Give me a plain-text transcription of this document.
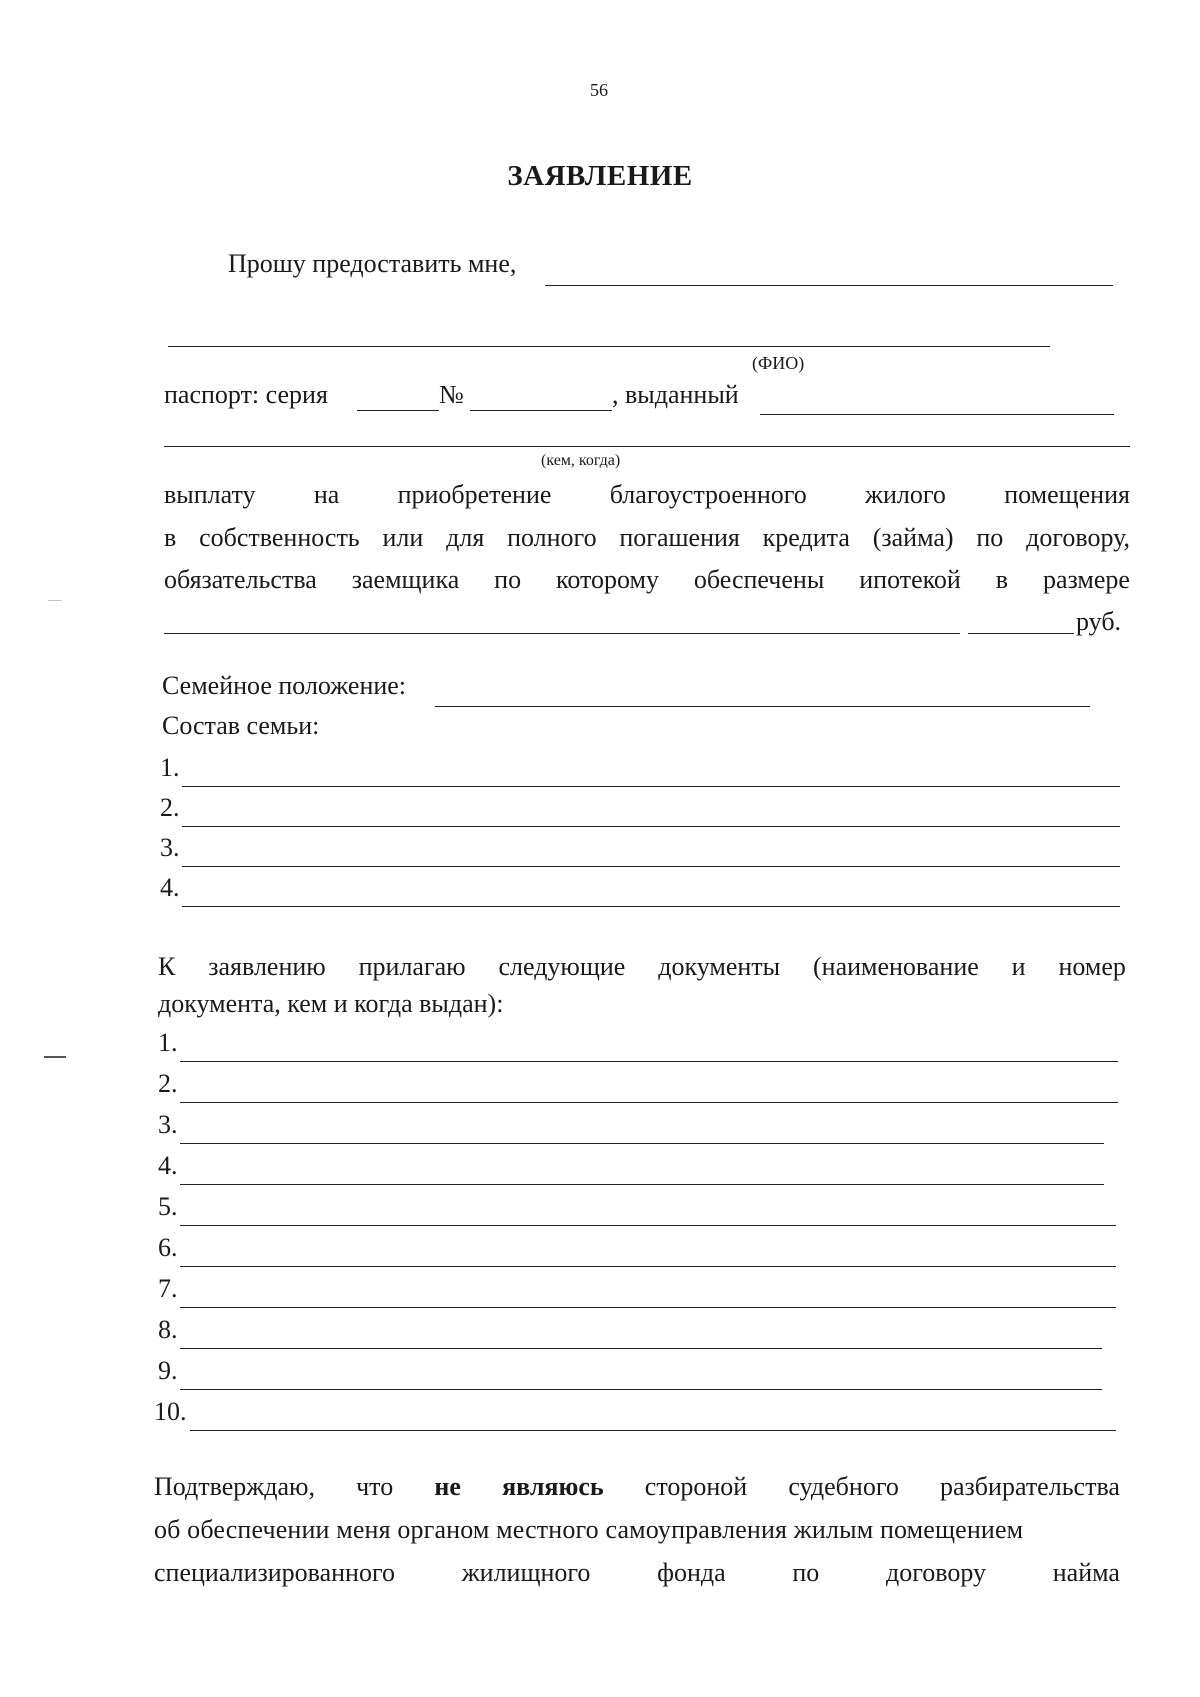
56
ЗАЯВЛЕНИЕ
Прошу предоставить мне,
(ФИО)
паспорт: серия	№	, выданный
(кем, когда)
выплату на приобретение благоустроенного жилого помещения
в собственность или для полного погашения кредита (займа) по договору,
обязательства заемщика по которому обеспечены ипотекой в размере
руб.
Семейное положение:
Состав семьи:
1.
2.
3.
4.
К заявлению прилагаю следующие документы (наименование и номер
документа, кем и когда выдан):
1.
2.
3.
4.
5.
6.
7.
8.
9.
10.
Подтверждаю, что не являюсь стороной судебного разбирательства
об обеспечении меня органом местного самоуправления жилым помещением
специализированного	жилищного	фонда	по	договору	найма
